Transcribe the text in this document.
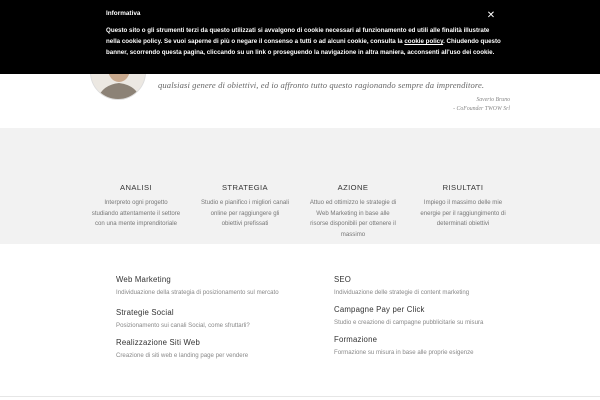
qualsiasi genere di obiettivi, ed io affronto tutto questo ragionando sempre da imprenditore.
Saverio Bruno
- CoFounder TWOW Srl
Informativa	✕

Questo sito o gli strumenti terzi da questo utilizzati si avvalgono di cookie necessari al funzionamento ed utili alle finalità illustrate nella cookie policy. Se vuoi saperne di più o negare il consenso a tutti o ad alcuni cookie, consulta la cookie policy. Chiudendo questo banner, scorrendo questa pagina, cliccando su un link o proseguendo la navigazione in altra maniera, acconsenti all'uso dei cookie.

ANALISI
Interpreto ogni progetto studiando attentamente il settore con una mente imprenditoriale
STRATEGIA
Studio e pianifico i migliori canali online per raggiungere gli obiettivi prefissati
AZIONE
Attuo ed ottimizzo le strategie di Web Marketing in base alle risorse disponibili per ottenere il massimo
RISULTATI
Impiego il massimo delle mie energie per il raggiungimento di determinati obiettivi
Web Marketing
Individuazione della strategia di posizionamento sul mercato
Strategie Social
Posizionamento sui canali Social, come sfruttarli?
Realizzazione Siti Web
Creazione di siti web e landing page per vendere
SEO
Individuazione delle strategie di content marketing
Campagne Pay per Click
Studio e creazione di campagne pubblicitarie su misura
Formazione
Formazione su misura in base alle proprie esigenze
